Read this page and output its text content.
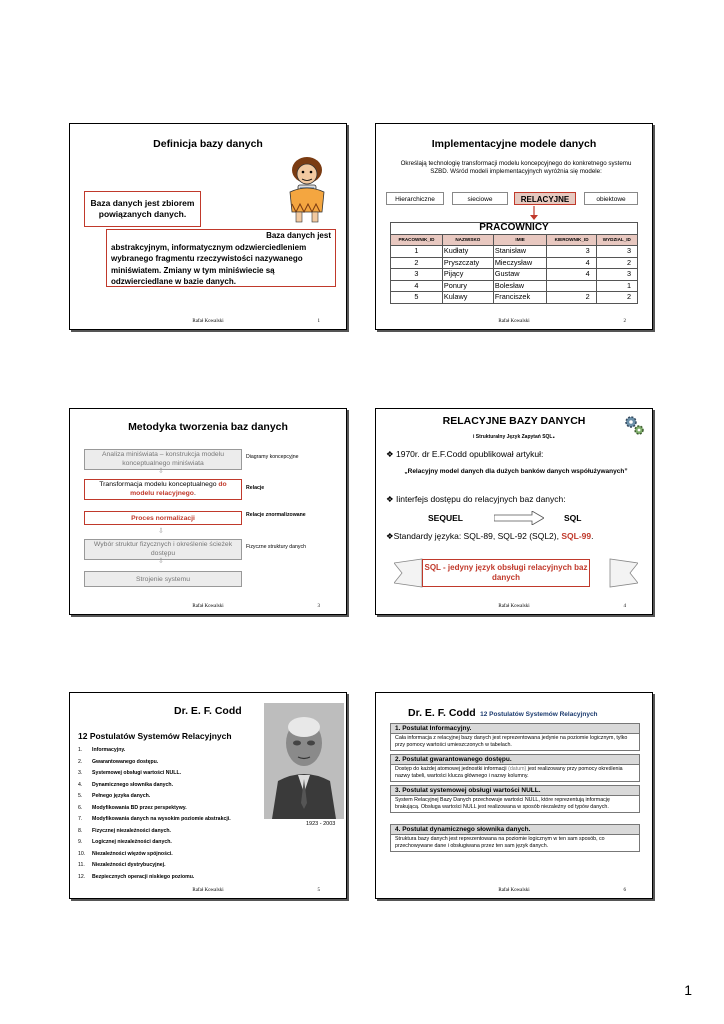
Definicja bazy danych
Baza danych jest zbiorem powiązanych danych.
Baza danych jest
abstrakcyjnym, informatycznym odzwierciedleniem wybranego fragmentu rzeczywistości nazywanego miniświatem. Zmiany w tym miniświecie są odzwierciedlane w bazie danych.
Rafał Kowalski	1
Implementacyjne modele danych
Określają technologię transformacji modelu koncepcyjnego do konkretnego systemu SZBD. Wśród modeli implementacyjnych wyróżnia się modele:
Hierarchiczne	sieciowe	RELACYJNE	obiektowe
PRACOWNICY				
PRACOWNIK_ID	NAZWISKO	IMIE	KIEROWNIK_ID	WYDZIAL_ID
1	Kudłaty	Stanisław	3	3
2	Pryszczaty	Mieczysław	4	2
3	Pijący	Gustaw	4	3
4	Ponury	Bolesław		1
5	Kulawy	Franciszek	2	2
Rafał Kowalski	2
Metodyka tworzenia baz danych
Analiza miniświata – konstrukcja modelu konceptualnego miniświata
⇩
Transformacja modelu konceptualnego do modelu relacyjnego.
Proces normalizacji
⇩
Wybór struktur fizycznych i określenie ścieżek dostępu
⇩
Strojenie systemu
Diagramy koncepcyjne
Relacje
Relacje znormalizowane
Fizyczne struktury danych
Rafał Kowalski	3
RELACYJNE BAZY DANYCH
i Strukturalny Język Zapytań SQL.
❖ 1970r. dr E.F.Codd opublikował artykuł:
„Relacyjny model danych dla dużych banków danych współużywanych”
❖ Iinterfejs dostępu do relacyjnych baz danych:
SEQUEL	SQL
❖Standardy języka: SQL-89, SQL-92 (SQL2), SQL-99.
SQL - jedyny język obsługi relacyjnych baz danych
Rafał Kowalski	4
Dr. E. F. Codd
1923 - 2003
12 Postulatów Systemów Relacyjnych
1. Informacyjny.
2. Gwarantowanego dostępu.
3. Systemowej obsługi wartości NULL.
4. Dynamicznego słownika danych.
5. Pełnego języka danych.
6. Modyfikowania BD przez perspektywy.
7. Modyfikowania danych na wysokim poziomie abstrakcji.
8. Fizycznej niezależności danych.
9. Logicznej niezależności danych.
10. Niezależności więzów spójności.
11. Niezależności dystrybucyjnej.
12. Bezpiecznych operacji niskiego poziomu.
Rafał Kowalski	5
Dr. E. F. Codd 12 Postulatów Systemów Relacyjnych
1. Postulat Informacyjny.
Cała informacja z relacyjnej bazy danych jest reprezentowana jedynie na poziomie logicznym, tylko przy pomocy wartości umieszczonych w tabelach.
2. Postulat gwarantowanego dostępu.
Dostęp do każdej atomowej jednostki informacji (datum) jest realizowany przy pomocy określenia nazwy tabeli, wartości klucza głównego i nazwy kolumny.
3. Postulat systemowej obsługi wartości NULL.
System Relacyjnej Bazy Danych przechowuje wartości NULL, które reprezentują informację brakującą. Obsługa wartości NULL jest realizowana w sposób niezależny od typów danych.
4. Postulat dynamicznego słownika danych.
Struktura bazy danych jest reprezentowana na poziomie logicznym w ten sam sposób, co przechowywane dane i obsługiwana przez ten sam język danych.
Rafał Kowalski	6
1
